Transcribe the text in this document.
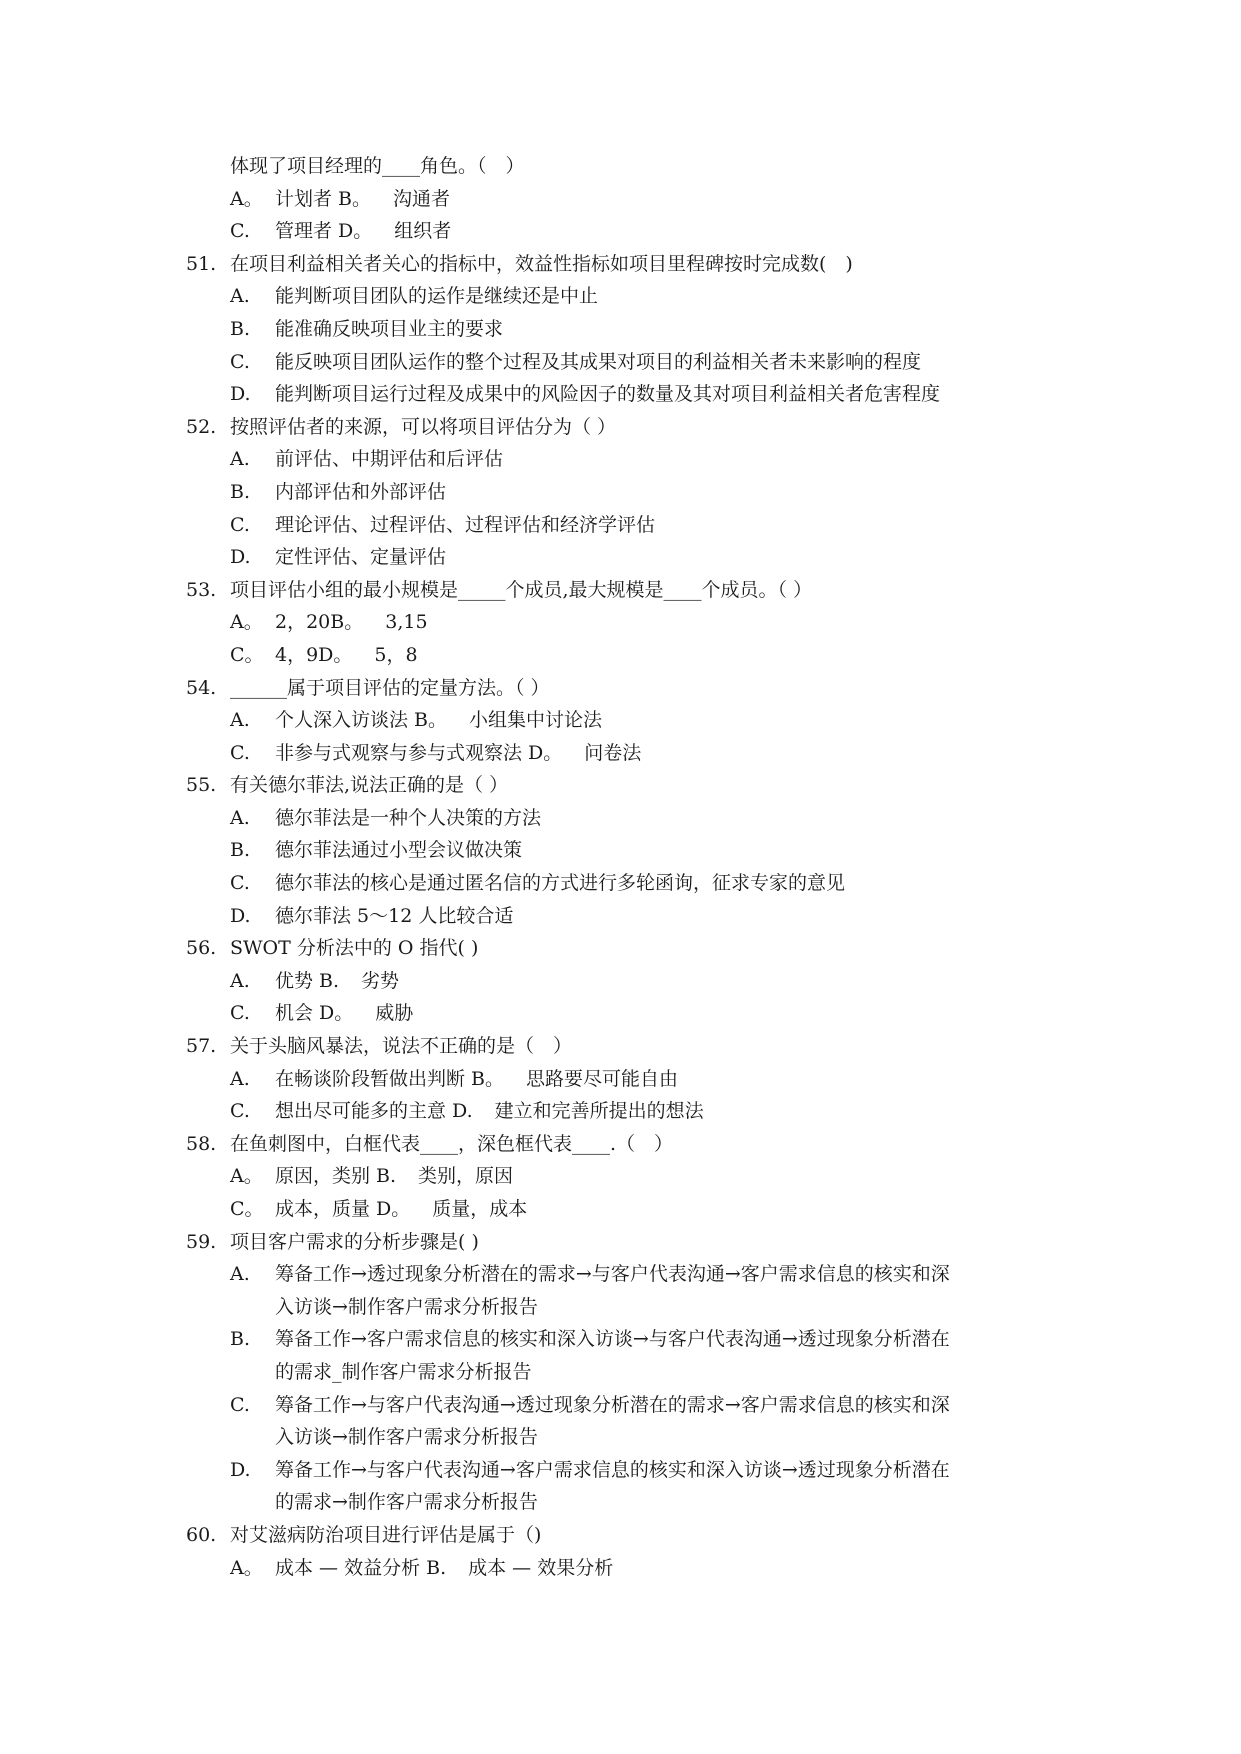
体现了项目经理的____角色。（　）
A。 计划者 B。 沟通者
C. 管理者 D。 组织者
51. 在项目利益相关者关心的指标中，效益性指标如项目里程碑按时完成数(　)
A. 能判断项目团队的运作是继续还是中止
B. 能准确反映项目业主的要求
C. 能反映项目团队运作的整个过程及其成果对项目的利益相关者未来影响的程度
D. 能判断项目运行过程及成果中的风险因子的数量及其对项目利益相关者危害程度
52. 按照评估者的来源，可以将项目评估分为（ ）
A. 前评估、中期评估和后评估
B. 内部评估和外部评估
C. 理论评估、过程评估、过程评估和经济学评估
D. 定性评估、定量评估
53. 项目评估小组的最小规模是_____个成员,最大规模是____个成员。（ ）
A。 2，20B。 3,15
C。 4，9D。 5，8
54. ______属于项目评估的定量方法。（ ）
A. 个人深入访谈法 B。 小组集中讨论法
C. 非参与式观察与参与式观察法 D。 问卷法
55. 有关德尔菲法,说法正确的是（ ）
A. 德尔菲法是一种个人决策的方法
B. 德尔菲法通过小型会议做决策
C. 德尔菲法的核心是通过匿名信的方式进行多轮函询，征求专家的意见
D. 德尔菲法 5～12 人比较合适
56. SWOT 分析法中的 O 指代( )
A. 优势 B. 劣势
C. 机会 D。 威胁
57. 关于头脑风暴法，说法不正确的是（　）
A. 在畅谈阶段暂做出判断 B。 思路要尽可能自由
C. 想出尽可能多的主意 D. 建立和完善所提出的想法
58. 在鱼刺图中，白框代表____，深色框代表____.（　）
A。 原因，类别 B. 类别，原因
C。 成本，质量 D。 质量，成本
59. 项目客户需求的分析步骤是( )
A. 筹备工作→透过现象分析潜在的需求→与客户代表沟通→客户需求信息的核实和深
入访谈→制作客户需求分析报告
B. 筹备工作→客户需求信息的核实和深入访谈→与客户代表沟通→透过现象分析潜在
的需求_制作客户需求分析报告
C. 筹备工作→与客户代表沟通→透过现象分析潜在的需求→客户需求信息的核实和深
入访谈→制作客户需求分析报告
D. 筹备工作→与客户代表沟通→客户需求信息的核实和深入访谈→透过现象分析潜在
的需求→制作客户需求分析报告
60. 对艾滋病防治项目进行评估是属于（)
A。 成本 — 效益分析 B. 成本 — 效果分析
